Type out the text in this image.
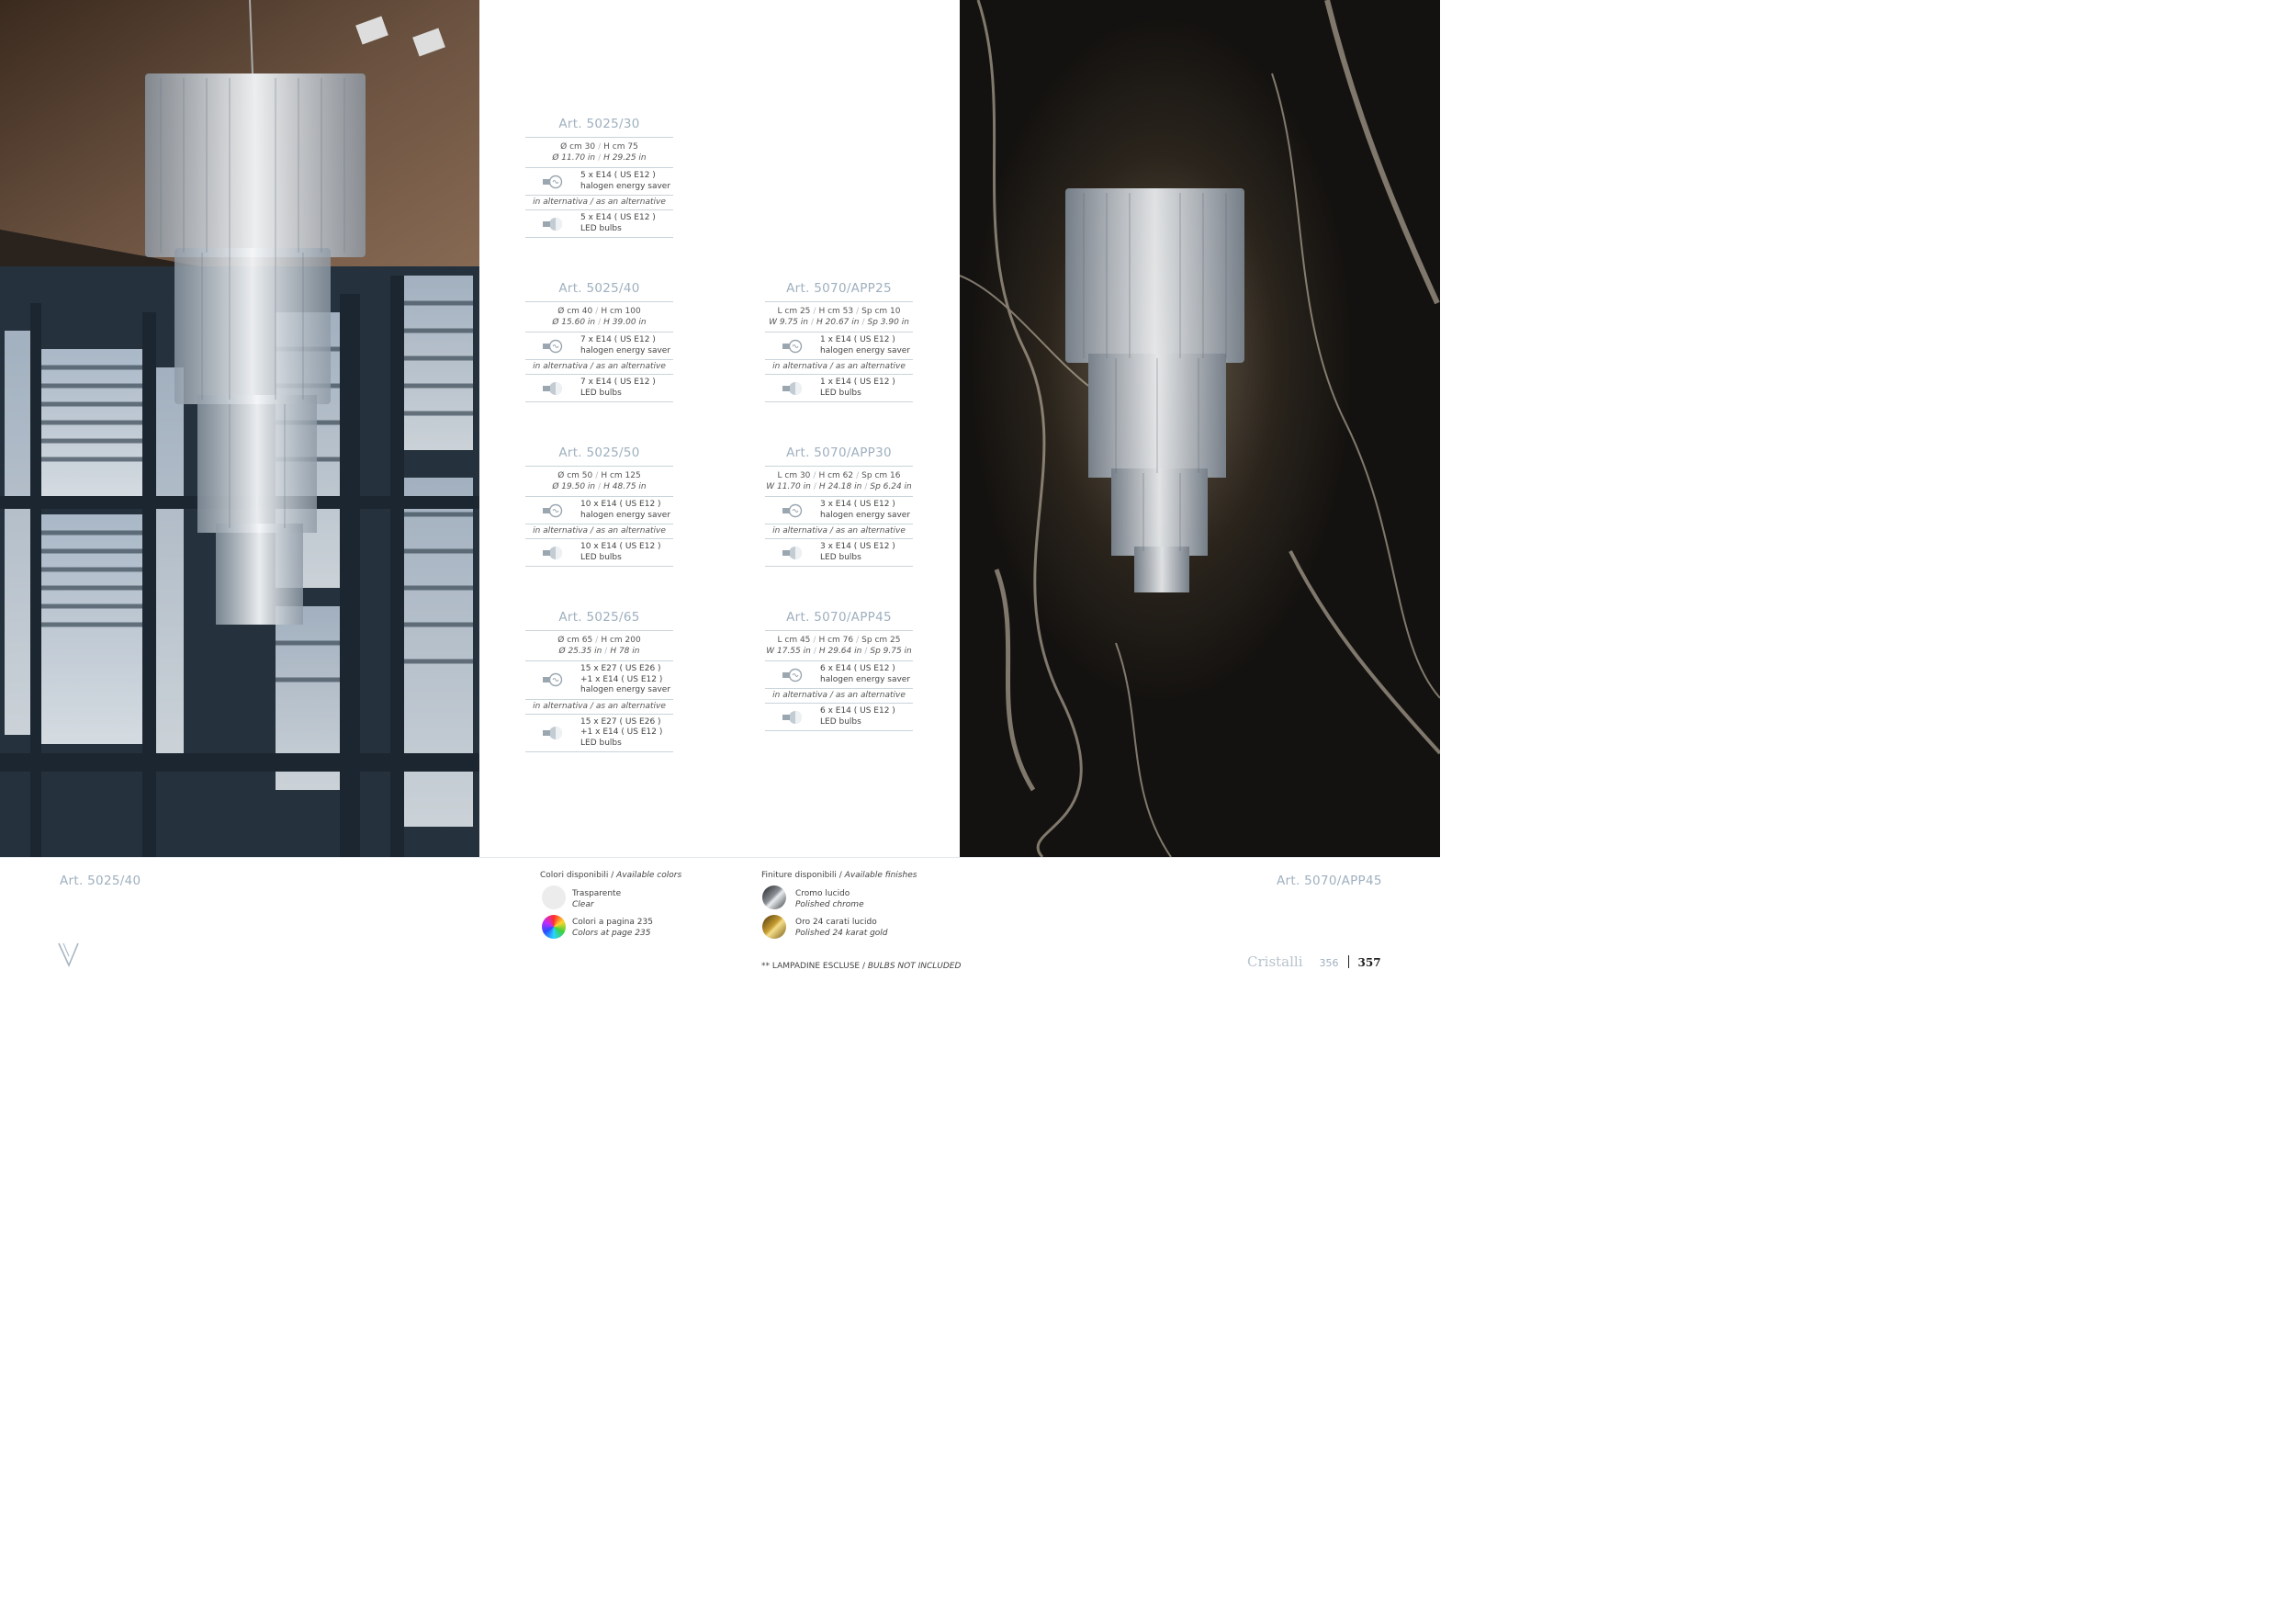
Art. 5025/30
Ø cm 30 / H cm 75
Ø 11.70 in / H 29.25 in
5 x E14 ( US E12 )
halogen energy saver
in alternativa / as an alternative
5 x E14 ( US E12 )
LED bulbs
Art. 5025/40
Ø cm 40 / H cm 100
Ø 15.60 in / H 39.00 in
7 x E14 ( US E12 )
halogen energy saver
in alternativa / as an alternative
7 x E14 ( US E12 )
LED bulbs
Art. 5025/50
Ø cm 50 / H cm 125
Ø 19.50 in / H 48.75 in
10 x E14 ( US E12 )
halogen energy saver
in alternativa / as an alternative
10 x E14 ( US E12 )
LED bulbs
Art. 5025/65
Ø cm 65 / H cm 200
Ø 25.35 in / H 78 in
15 x E27 ( US E26 )
+1 x E14 ( US E12 )
halogen energy saver
in alternativa / as an alternative
15 x E27 ( US E26 )
+1 x E14 ( US E12 )
LED bulbs
Art. 5070/APP25
L cm 25 / H cm 53 / Sp cm 10
W 9.75 in / H 20.67 in / Sp 3.90 in
1 x E14 ( US E12 )
halogen energy saver
in alternativa / as an alternative
1 x E14 ( US E12 )
LED bulbs
Art. 5070/APP30
L cm 30 / H cm 62 / Sp cm 16
W 11.70 in / H 24.18 in / Sp 6.24 in
3 x E14 ( US E12 )
halogen energy saver
in alternativa / as an alternative
3 x E14 ( US E12 )
LED bulbs
Art. 5070/APP45
L cm 45 / H cm 76 / Sp cm 25
W 17.55 in / H 29.64 in / Sp 9.75 in
6 x E14 ( US E12 )
halogen energy saver
in alternativa / as an alternative
6 x E14 ( US E12 )
LED bulbs
Art. 5025/40	Art. 5070/APP45
Colori disponibili / Available colors
Trasparente
Clear
Colori a pagina 235
Colors at page 235
Finiture disponibili / Available finishes
Cromo lucido
Polished chrome
Oro 24 carati lucido
Polished 24 karat gold
** LAMPADINE ESCLUSE / BULBS NOT INCLUDED	Cristalli 356 357
